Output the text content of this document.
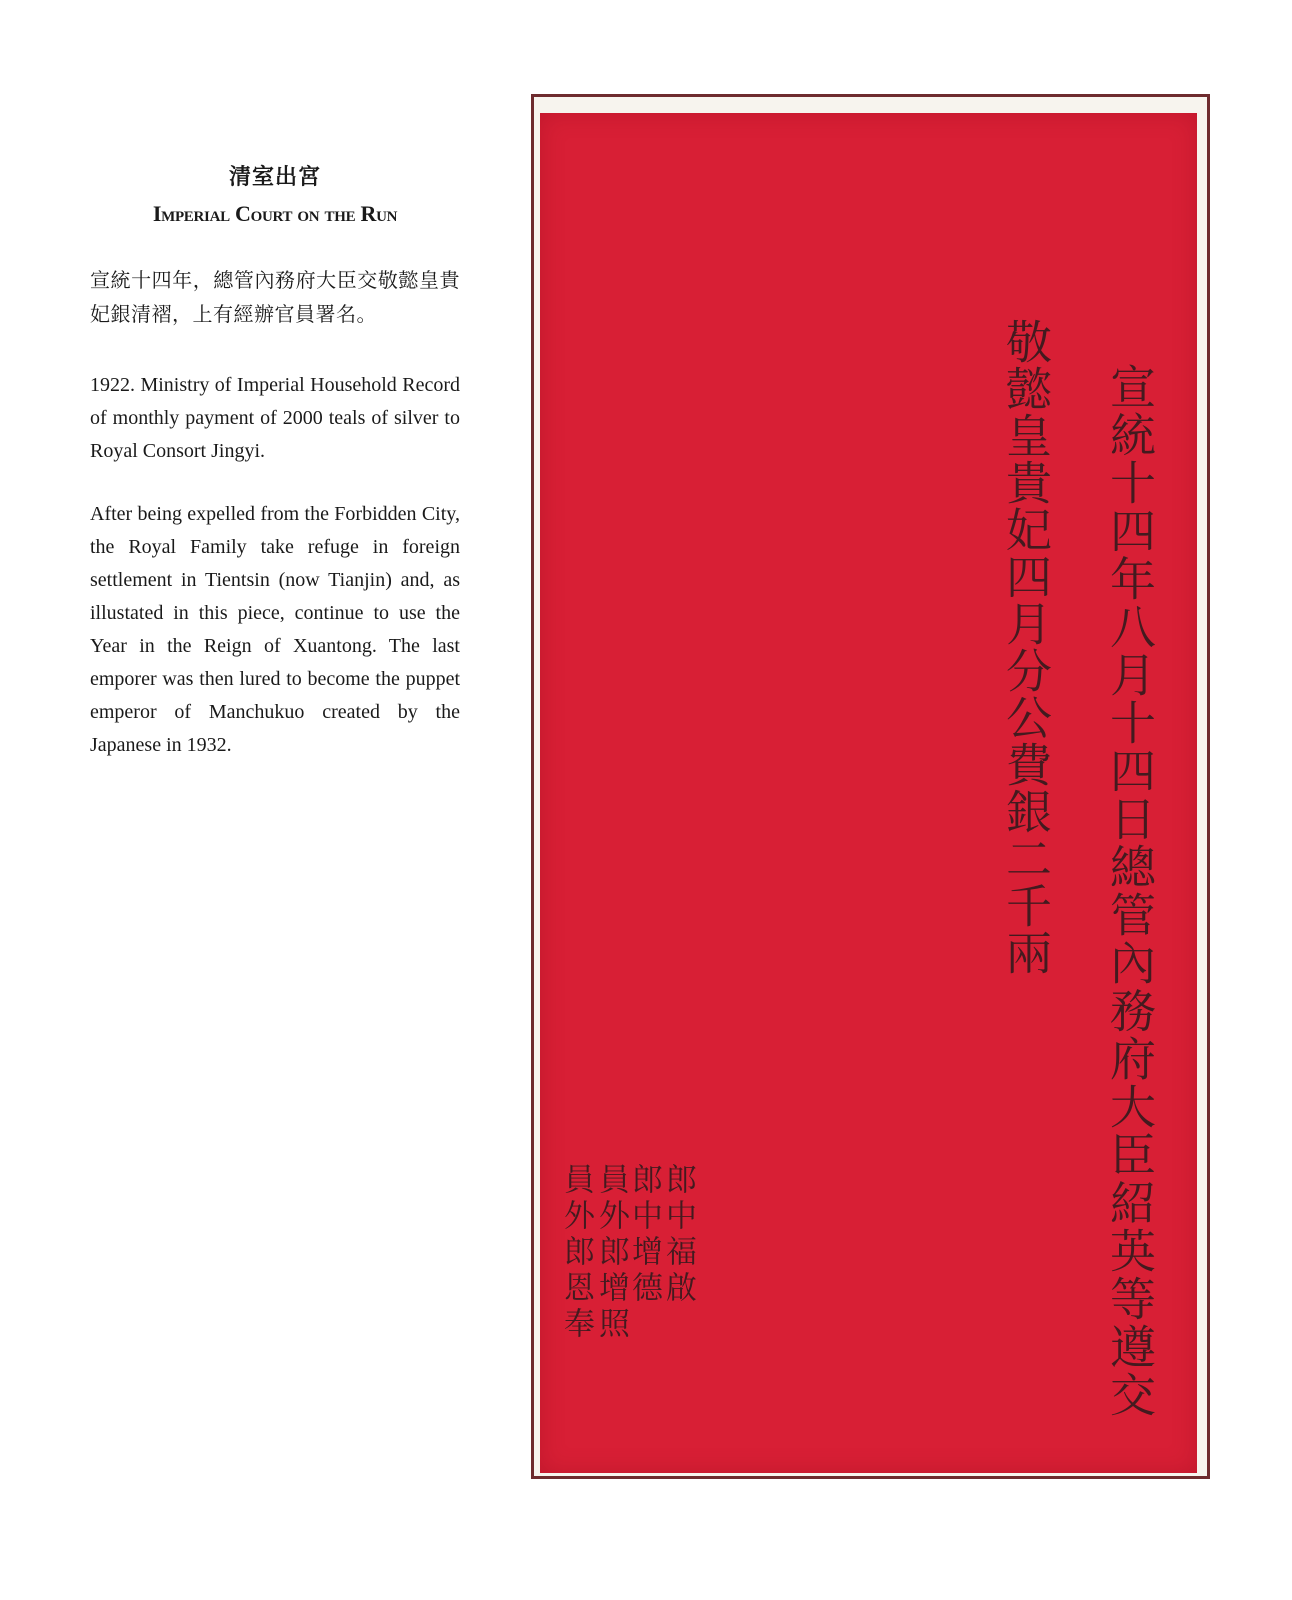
清室出宮
Imperial Court on the Run

宣統十四年，總管內務府大臣交敬懿皇貴妃銀清褶，上有經辦官員署名。

1922. Ministry of Imperial Household Record of monthly payment of 2000 teals of silver to Royal Consort Jingyi.

After being expelled from the Forbidden City, the Royal Family take refuge in foreign settlement in Tientsin (now Tianjin) and, as illustated in this piece, continue to use the Year in the Reign of Xuantong. The last emporer was then lured to become the puppet emperor of Manchukuo created by the Japanese in 1932.	宣統十四年八月十四日總管內務府大臣紹英等遵交
敬懿皇貴妃四月分公費銀二千兩
郎中福啟
郎中增德
員外郎增照
員外郎恩奉
